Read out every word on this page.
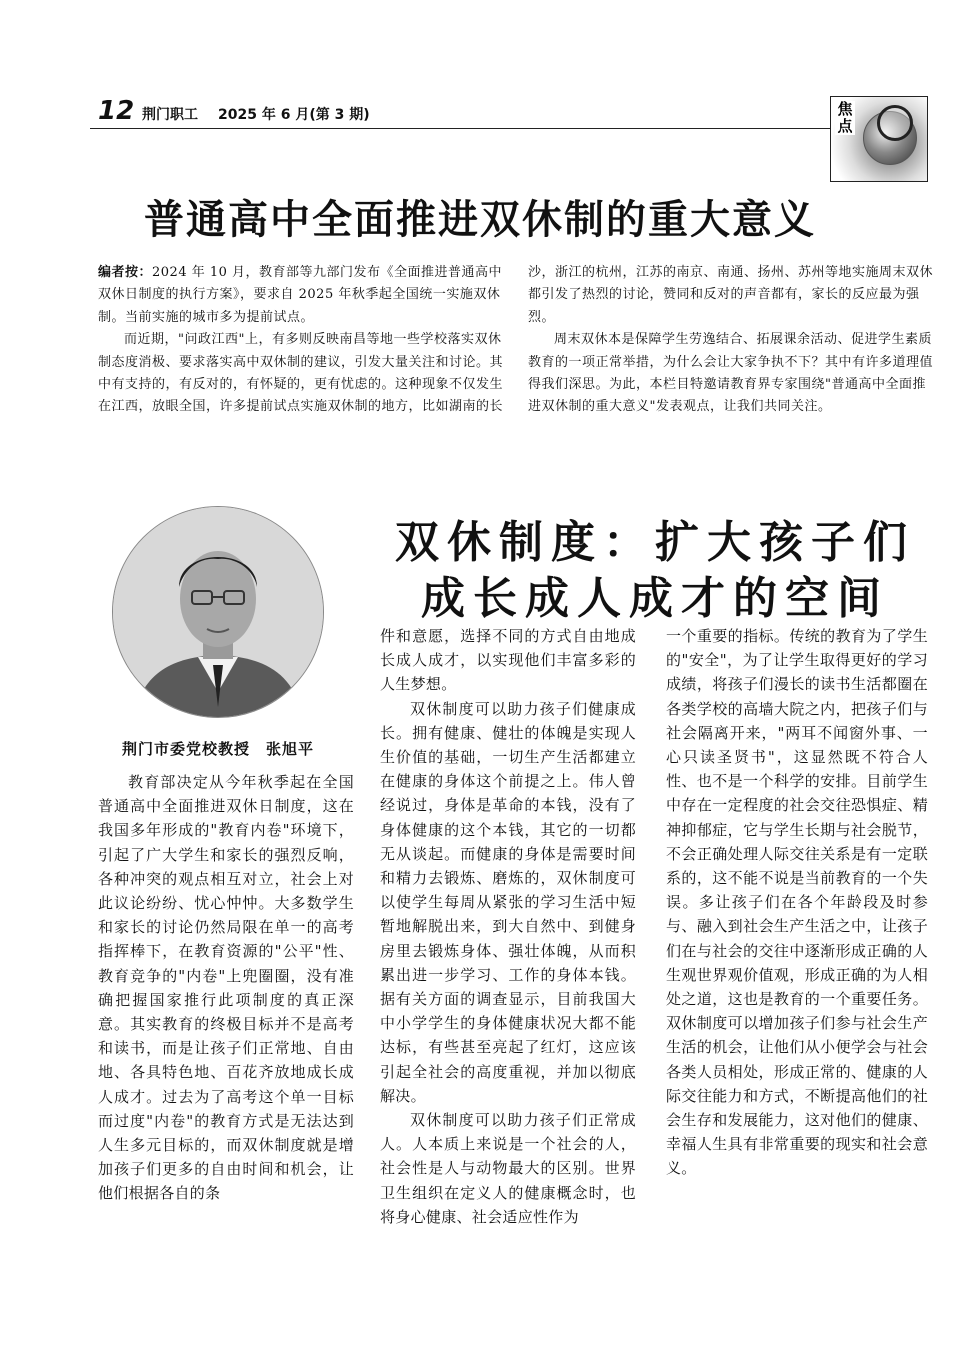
12 荆门职工 2025 年 6 月(第 3 期)	焦点
普通高中全面推进双休制的重大意义

编者按：2024 年 10 月，教育部等九部门发布《全面推进普通高中双休日制度的执行方案》，要求自 2025 年秋季起全国统一实施双休制。当前实施的城市多为提前试点。

而近期，"问政江西"上，有多则反映南昌等地一些学校落实双休制态度消极、要求落实高中双休制的建议，引发大量关注和讨论。其中有支持的，有反对的，有怀疑的，更有忧虑的。这种现象不仅发生在江西，放眼全国，许多提前试点实施双休制的地方，比如湖南的长

沙，浙江的杭州，江苏的南京、南通、扬州、苏州等地实施周末双休都引发了热烈的讨论，赞同和反对的声音都有，家长的反应最为强烈。

周末双休本是保障学生劳逸结合、拓展课余活动、促进学生素质教育的一项正常举措，为什么会让大家争执不下？其中有许多道理值得我们深思。为此，本栏目特邀请教育界专家围绕"普通高中全面推进双休制的重大意义"发表观点，让我们共同关注。

荆门市委党校教授　张旭平
双休制度：扩大孩子们
成长成人成才的空间

教育部决定从今年秋季起在全国普通高中全面推进双休日制度，这在我国多年形成的"教育内卷"环境下，引起了广大学生和家长的强烈反响，各种冲突的观点相互对立，社会上对此议论纷纷、忧心忡忡。大多数学生和家长的讨论仍然局限在单一的高考指挥棒下，在教育资源的"公平"性、教育竞争的"内卷"上兜圈圈，没有准确把握国家推行此项制度的真正深意。其实教育的终极目标并不是高考和读书，而是让孩子们正常地、自由地、各具特色地、百花齐放地成长成人成才。过去为了高考这个单一目标而过度"内卷"的教育方式是无法达到人生多元目标的，而双休制度就是增加孩子们更多的自由时间和机会，让他们根据各自的条

件和意愿，选择不同的方式自由地成长成人成才，以实现他们丰富多彩的人生梦想。

双休制度可以助力孩子们健康成长。拥有健康、健壮的体魄是实现人生价值的基础，一切生产生活都建立在健康的身体这个前提之上。伟人曾经说过，身体是革命的本钱，没有了身体健康的这个本钱，其它的一切都无从谈起。而健康的身体是需要时间和精力去锻炼、磨炼的，双休制度可以使学生每周从紧张的学习生活中短暂地解脱出来，到大自然中、到健身房里去锻炼身体、强壮体魄，从而积累出进一步学习、工作的身体本钱。据有关方面的调查显示，目前我国大中小学学生的身体健康状况大都不能达标，有些甚至亮起了红灯，这应该引起全社会的高度重视，并加以彻底解决。

双休制度可以助力孩子们正常成人。人本质上来说是一个社会的人，社会性是人与动物最大的区别。世界卫生组织在定义人的健康概念时，也将身心健康、社会适应性作为

一个重要的指标。传统的教育为了学生的"安全"，为了让学生取得更好的学习成绩，将孩子们漫长的读书生活都圈在各类学校的高墙大院之内，把孩子们与社会隔离开来，"两耳不闻窗外事、一心只读圣贤书"，这显然既不符合人性、也不是一个科学的安排。目前学生中存在一定程度的社会交往恐惧症、精神抑郁症，它与学生长期与社会脱节，不会正确处理人际交往关系是有一定联系的，这不能不说是当前教育的一个失误。多让孩子们在各个年龄段及时参与、融入到社会生产生活之中，让孩子们在与社会的交往中逐渐形成正确的人生观世界观价值观，形成正确的为人相处之道，这也是教育的一个重要任务。双休制度可以增加孩子们参与社会生产生活的机会，让他们从小便学会与社会各类人员相处，形成正常的、健康的人际交往能力和方式，不断提高他们的社会生存和发展能力，这对他们的健康、幸福人生具有非常重要的现实和社会意义。
